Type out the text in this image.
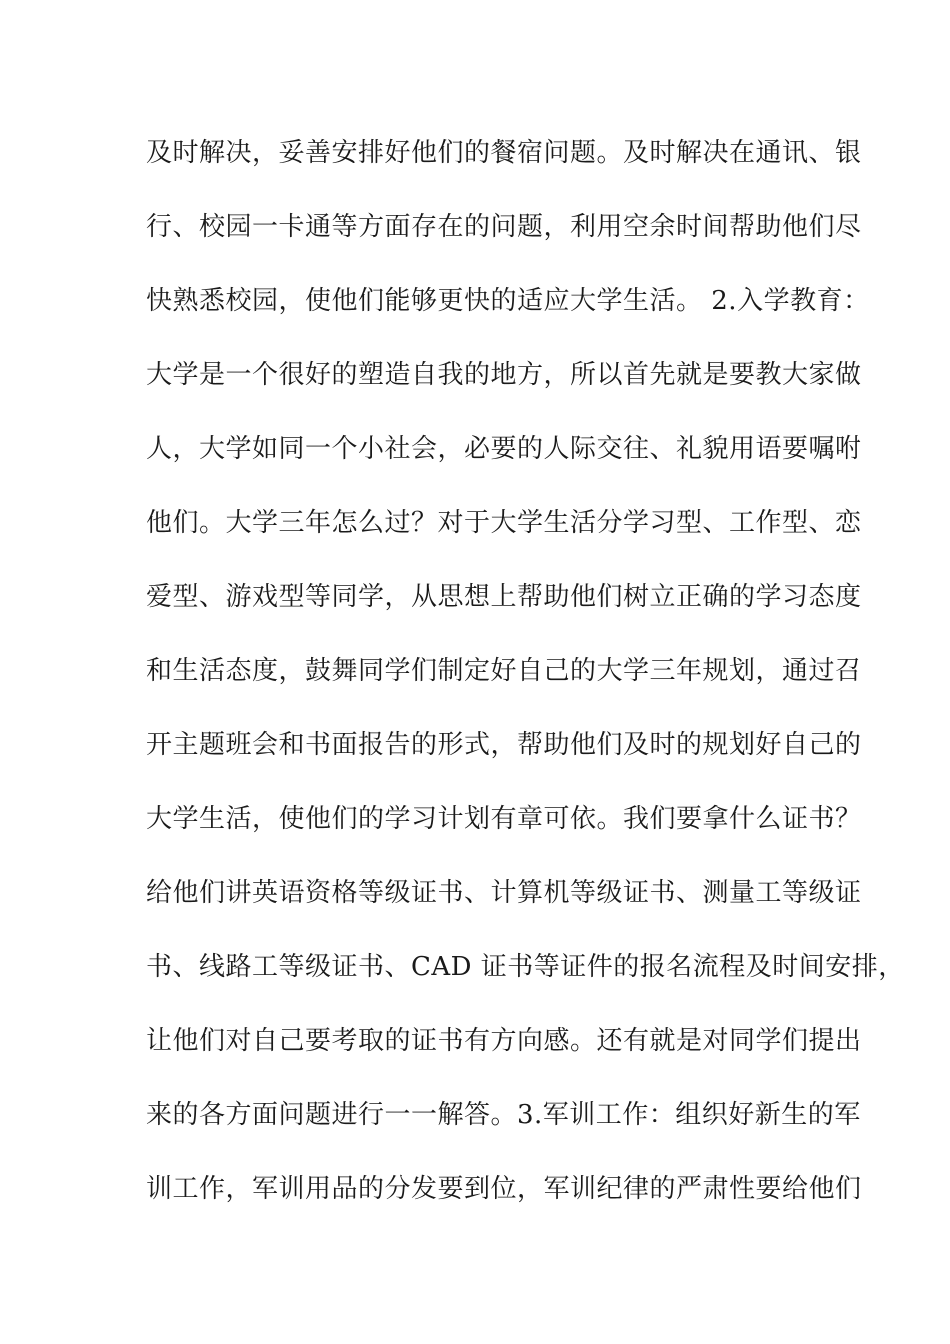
及时解决，妥善安排好他们的餐宿问题。及时解决在通讯、银
行、校园一卡通等方面存在的问题，利用空余时间帮助他们尽
快熟悉校园，使他们能够更快的适应大学生活。 2.入学教育：
大学是一个很好的塑造自我的地方，所以首先就是要教大家做
人，大学如同一个小社会，必要的人际交往、礼貌用语要嘱咐
他们。大学三年怎么过？对于大学生活分学习型、工作型、恋
爱型、游戏型等同学，从思想上帮助他们树立正确的学习态度
和生活态度，鼓舞同学们制定好自己的大学三年规划，通过召
开主题班会和书面报告的形式，帮助他们及时的规划好自己的
大学生活，使他们的学习计划有章可依。我们要拿什么证书？
给他们讲英语资格等级证书、计算机等级证书、测量工等级证
书、线路工等级证书、CAD 证书等证件的报名流程及时间安排，
让他们对自己要考取的证书有方向感。还有就是对同学们提出
来的各方面问题进行一一解答。3.军训工作：组织好新生的军
训工作，军训用品的分发要到位，军训纪律的严肃性要给他们
